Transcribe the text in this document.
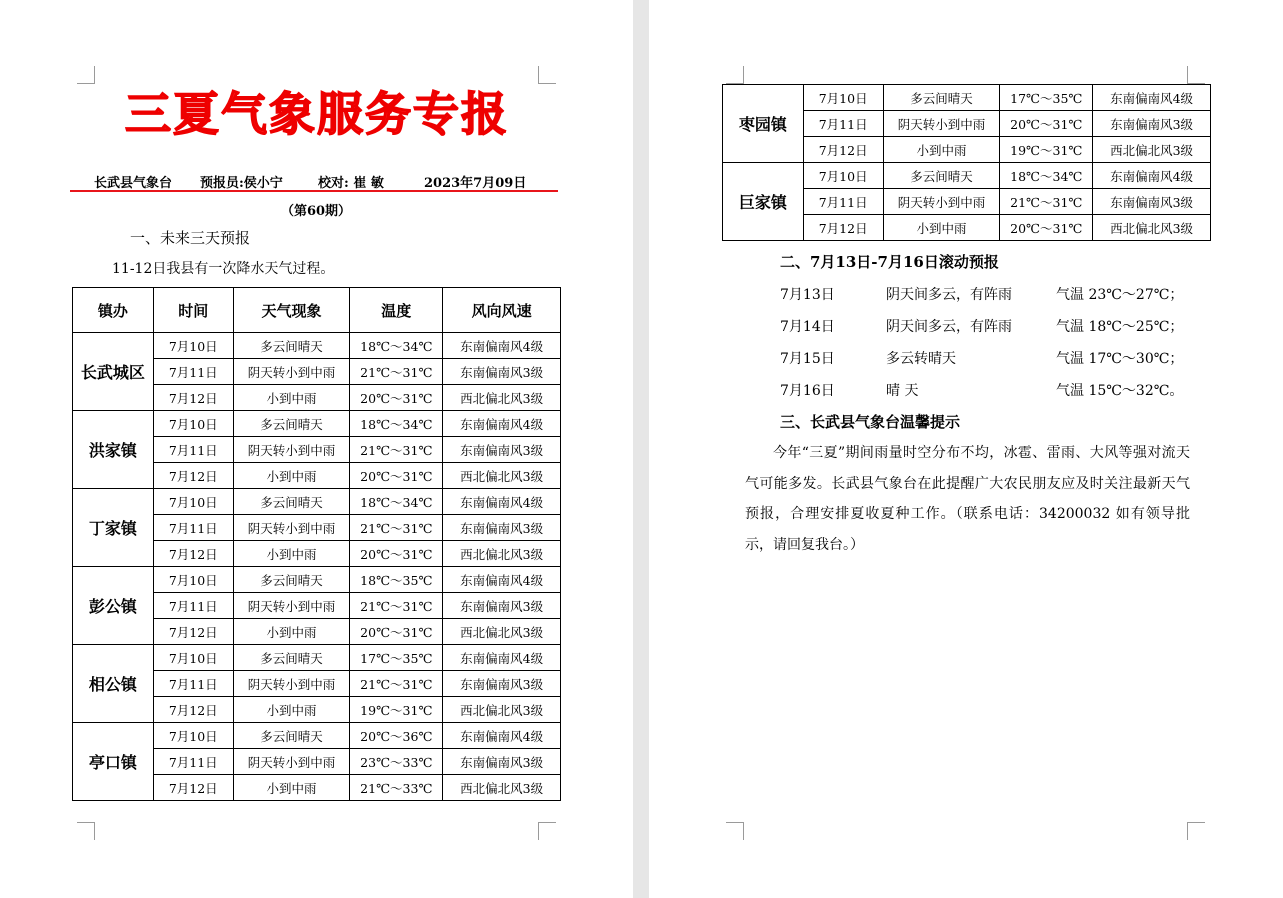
三夏气象服务专报
长武县气象台 预报员:侯小宁	校对: 崔 敏	2023年7月09日
（第60期）
一、未来三天预报
11-12日我县有一次降水天气过程。
镇办	时间	天气现象	温度	风向风速
长武城区	7月10日	多云间晴天	18℃～34℃	东南偏南风4级
	7月11日	阴天转小到中雨	21℃～31℃	东南偏南风3级
	7月12日	小到中雨	20℃～31℃	西北偏北风3级
洪家镇	7月10日	多云间晴天	18℃～34℃	东南偏南风4级
	7月11日	阴天转小到中雨	21℃～31℃	东南偏南风3级
	7月12日	小到中雨	20℃～31℃	西北偏北风3级
丁家镇	7月10日	多云间晴天	18℃～34℃	东南偏南风4级
	7月11日	阴天转小到中雨	21℃～31℃	东南偏南风3级
	7月12日	小到中雨	20℃～31℃	西北偏北风3级
彭公镇	7月10日	多云间晴天	18℃～35℃	东南偏南风4级
	7月11日	阴天转小到中雨	21℃～31℃	东南偏南风3级
	7月12日	小到中雨	20℃～31℃	西北偏北风3级
相公镇	7月10日	多云间晴天	17℃～35℃	东南偏南风4级
	7月11日	阴天转小到中雨	21℃～31℃	东南偏南风3级
	7月12日	小到中雨	19℃～31℃	西北偏北风3级
亭口镇	7月10日	多云间晴天	20℃～36℃	东南偏南风4级
	7月11日	阴天转小到中雨	23℃～33℃	东南偏南风3级
	7月12日	小到中雨	21℃～33℃	西北偏北风3级
枣园镇	7月10日	多云间晴天	17℃～35℃	东南偏南风4级
	7月11日	阴天转小到中雨	20℃～31℃	东南偏南风3级
	7月12日	小到中雨	19℃～31℃	西北偏北风3级
巨家镇	7月10日	多云间晴天	18℃～34℃	东南偏南风4级
	7月11日	阴天转小到中雨	21℃～31℃	东南偏南风3级
	7月12日	小到中雨	20℃～31℃	西北偏北风3级
二、7月13日-7月16日滚动预报
7月13日	阴天间多云，有阵雨	气温 23℃～27℃；
7月14日	阴天间多云，有阵雨	气温 18℃～25℃；
7月15日	多云转晴天	气温 17℃～30℃；
7月16日	晴 天	气温 15℃～32℃。
三、长武县气象台温馨提示
今年“三夏”期间雨量时空分布不均，冰雹、雷雨、大风等强对流天气可能多发。长武县气象台在此提醒广大农民朋友应及时关注最新天气预报，合理安排夏收夏种工作。（联系电话：34200032 如有领导批示，请回复我台。）
